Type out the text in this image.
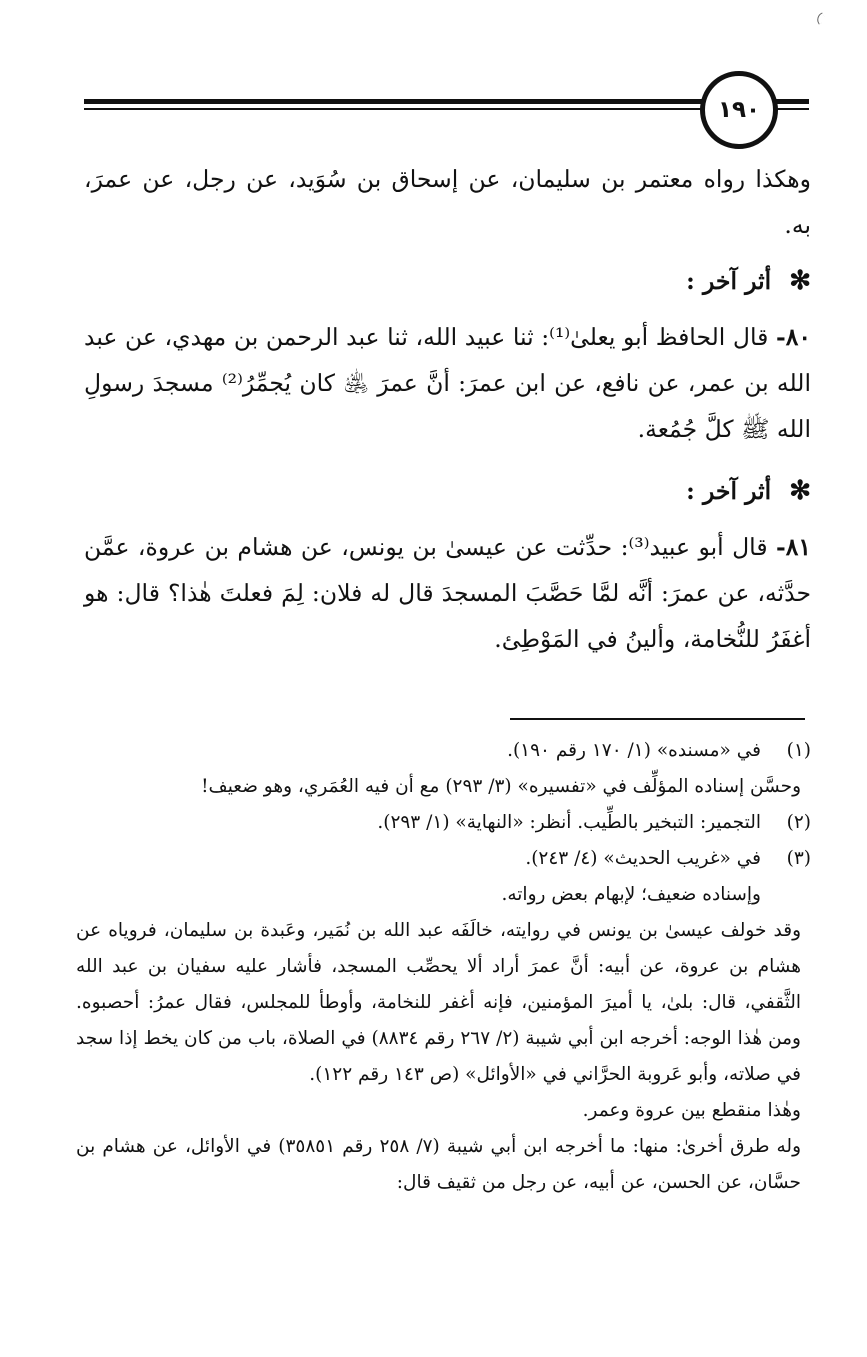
١٩٠

وهكذا رواه معتمر بن سليمان، عن إسحاق بن سُوَيد، عن رجل، عن عمرَ، به.

✻أثر آخر :

٨٠- قال الحافظ أبو يعلىٰ⁽¹⁾: ثنا عبيد الله، ثنا عبد الرحمن بن مهدي، عن عبد الله بن عمر، عن نافع، عن ابن عمرَ: أنَّ عمرَ ﵁ كان يُجمِّرُ⁽²⁾ مسجدَ رسولِ الله ﷺ كلَّ جُمُعة.

✻أثر آخر :

٨١- قال أبو عبيد⁽³⁾: حدِّثت عن عيسىٰ بن يونس، عن هشام بن عروة، عمَّن حدَّثه، عن عمرَ: أنَّه لمَّا حَصَّبَ المسجدَ قال له فلان: لِمَ فعلتَ هٰذا؟ قال: هو أغفَرُ للنُّخامة، وألينُ في المَوْطِئ.

(١)
في «مسنده» (١/ ١٧٠ رقم ١٩٠).

وحسَّن إسناده المؤلِّف في «تفسيره» (٣/ ٢٩٣) مع أن فيه العُمَري، وهو ضعيف!

(٢)
التجمير: التبخير بالطِّيب. أنظر: «النهاية» (١/ ٢٩٣).
(٣)
في «غريب الحديث» (٤/ ٢٤٣).

وإسناده ضعيف؛ لإبهام بعض رواته.

وقد خولف عيسىٰ بن يونس في روايته، خالَفَه عبد الله بن نُمَير، وعَبدة بن سليمان، فروياه عن هشام بن عروة، عن أبيه: أنَّ عمرَ أراد ألا يحصِّب المسجد، فأشار عليه سفيان بن عبد الله الثَّقفي، قال: بلىٰ، يا أميرَ المؤمنين، فإنه أغفر للنخامة، وأوطأ للمجلس، فقال عمرُ: أحصبوه. ومن هٰذا الوجه: أخرجه ابن أبي شيبة (٢/ ٢٦٧ رقم ٨٨٣٤) في الصلاة، باب من كان يخط إذا سجد في صلاته، وأبو عَروبة الحرَّاني في «الأوائل» (ص ١٤٣ رقم ١٢٢).

وهٰذا منقطع بين عروة وعمر.

وله طرق أخرىٰ: منها: ما أخرجه ابن أبي شيبة (٧/ ٢٥٨ رقم ٣٥٨٥١) في الأوائل، عن هشام بن حسَّان، عن الحسن، عن أبيه، عن رجل من ثقيف قال:
